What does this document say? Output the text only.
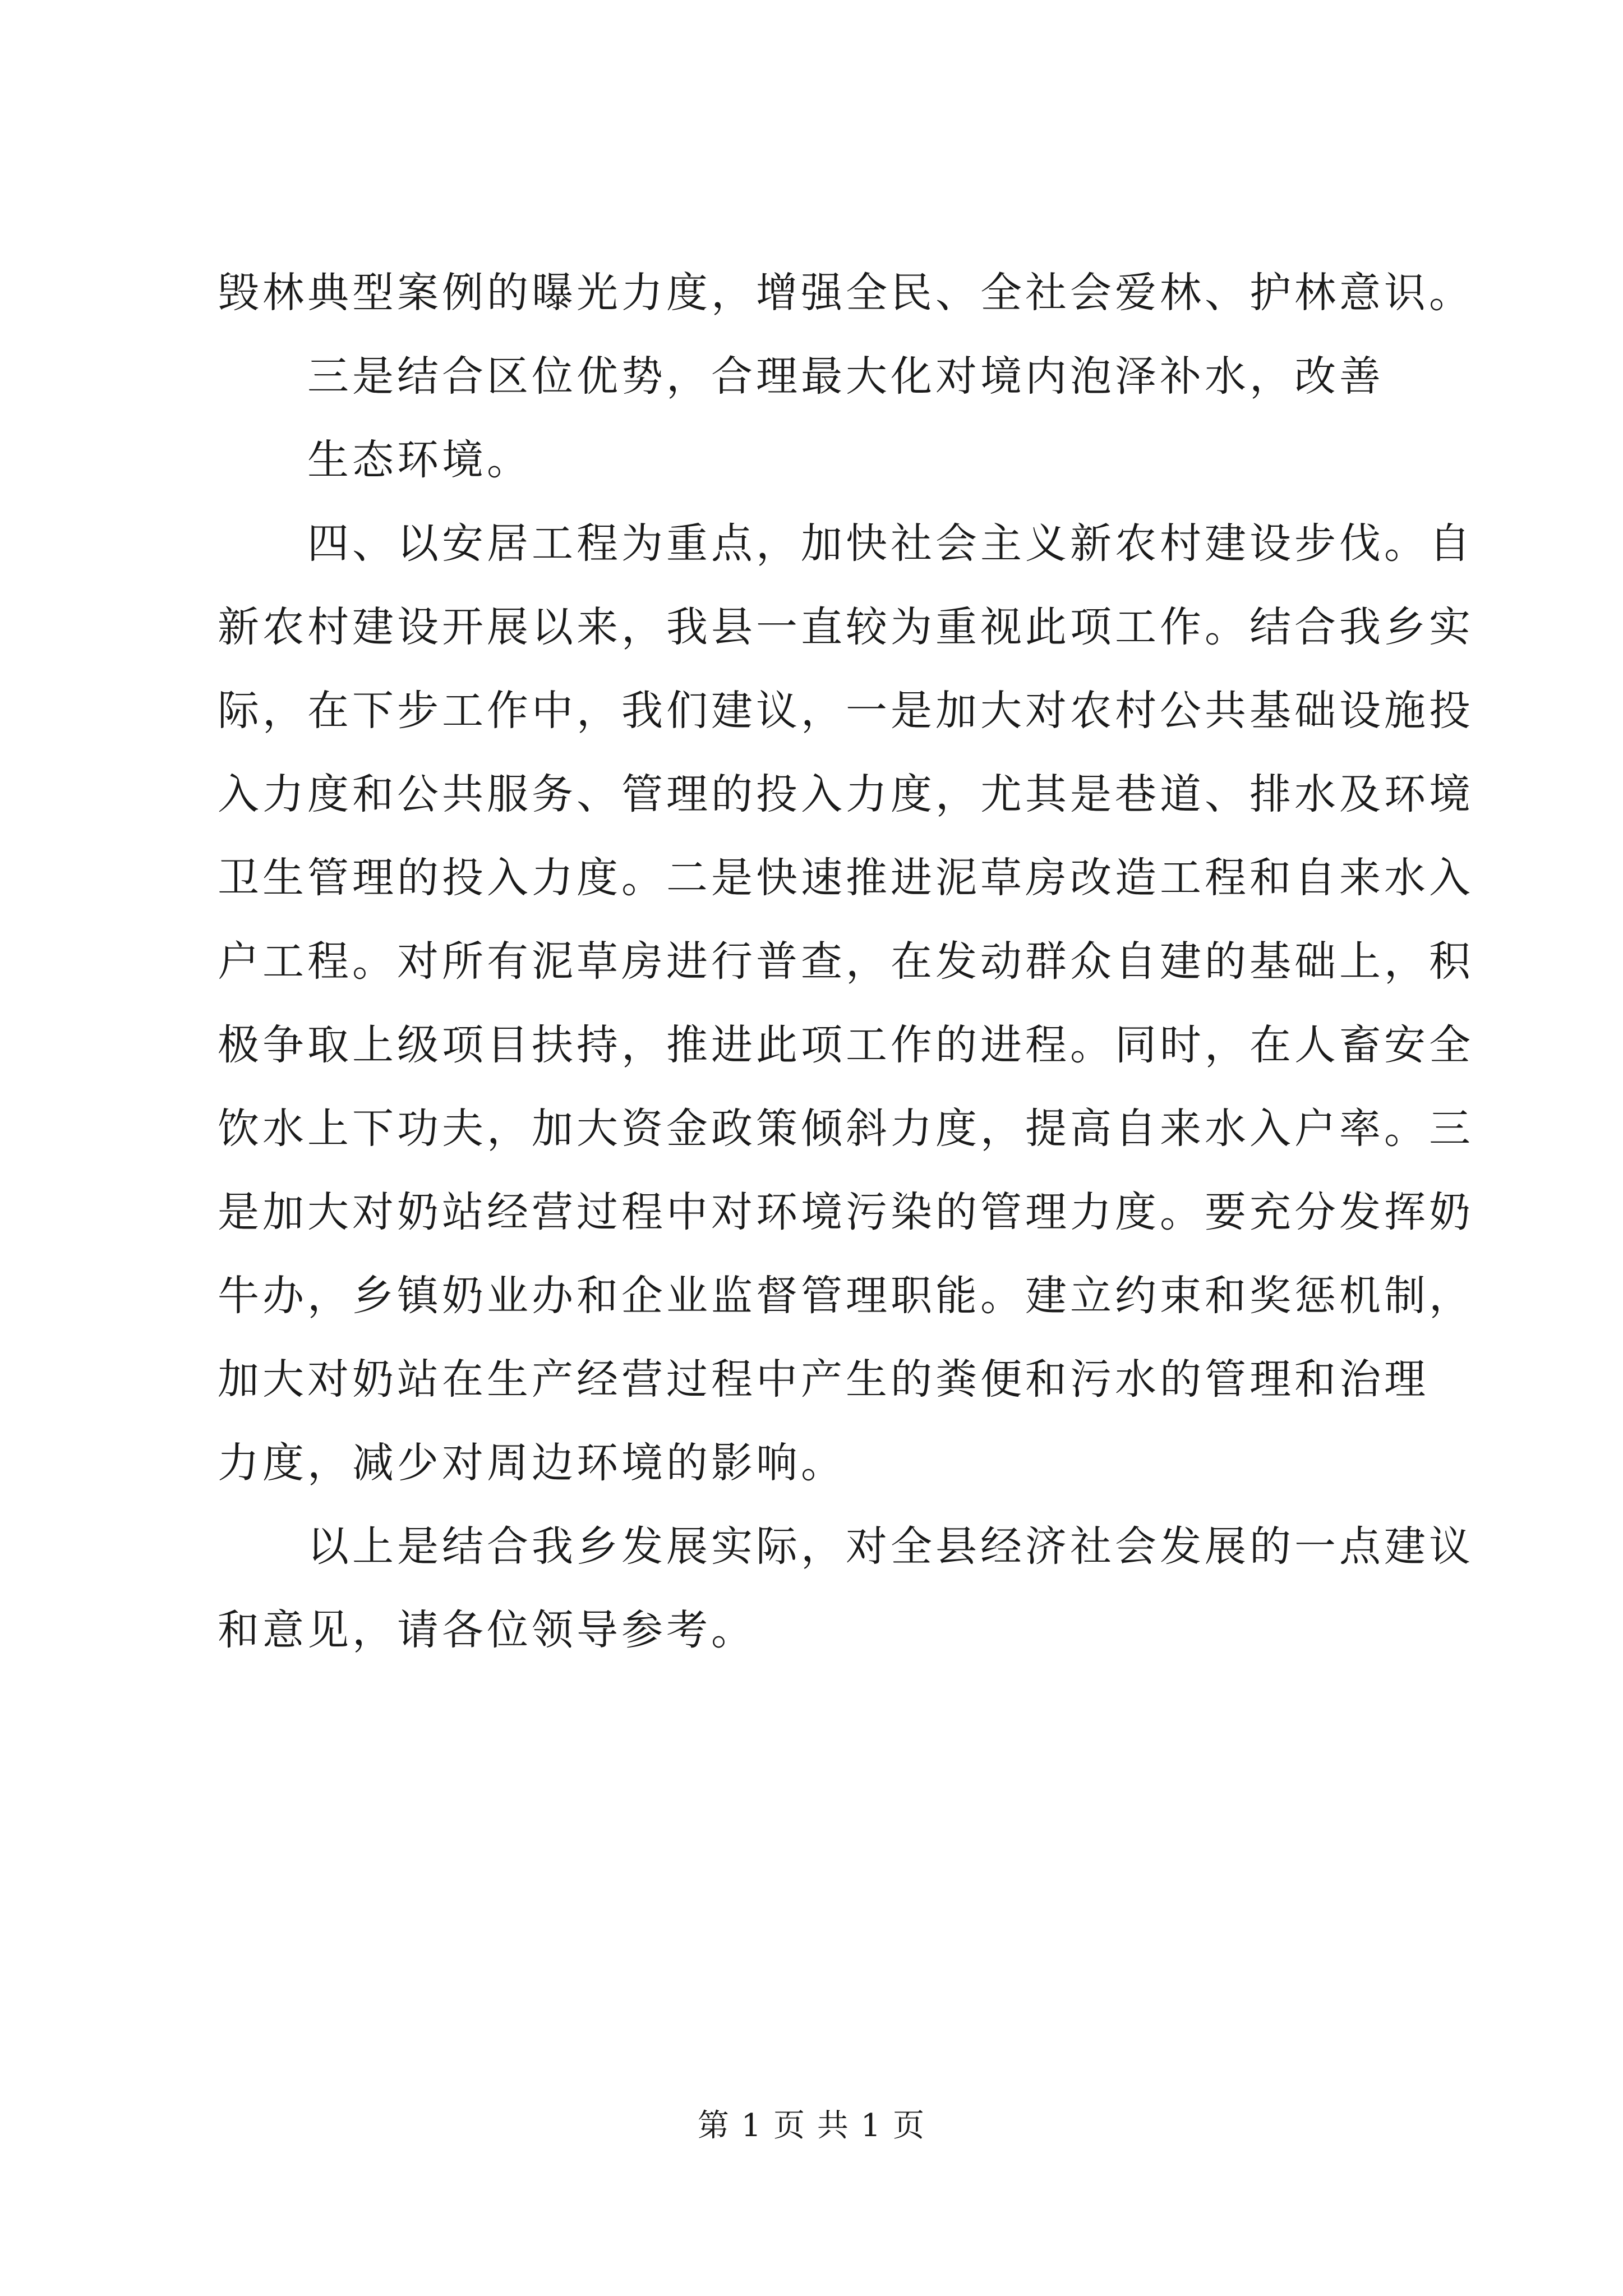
毁林典型案例的曝光力度，增强全民、全社会爱林、护林意识。
三是结合区位优势，合理最大化对境内泡泽补水，改善
生态环境。
四、以安居工程为重点，加快社会主义新农村建设步伐。自
新农村建设开展以来，我县一直较为重视此项工作。结合我乡实
际，在下步工作中，我们建议，一是加大对农村公共基础设施投
入力度和公共服务、管理的投入力度，尤其是巷道、排水及环境
卫生管理的投入力度。二是快速推进泥草房改造工程和自来水入
户工程。对所有泥草房进行普查，在发动群众自建的基础上，积
极争取上级项目扶持，推进此项工作的进程。同时，在人畜安全
饮水上下功夫，加大资金政策倾斜力度，提高自来水入户率。三
是加大对奶站经营过程中对环境污染的管理力度。要充分发挥奶
牛办，乡镇奶业办和企业监督管理职能。建立约束和奖惩机制，
加大对奶站在生产经营过程中产生的粪便和污水的管理和治理
力度，减少对周边环境的影响。
以上是结合我乡发展实际，对全县经济社会发展的一点建议
和意见，请各位领导参考。
第 1 页 共 1 页
